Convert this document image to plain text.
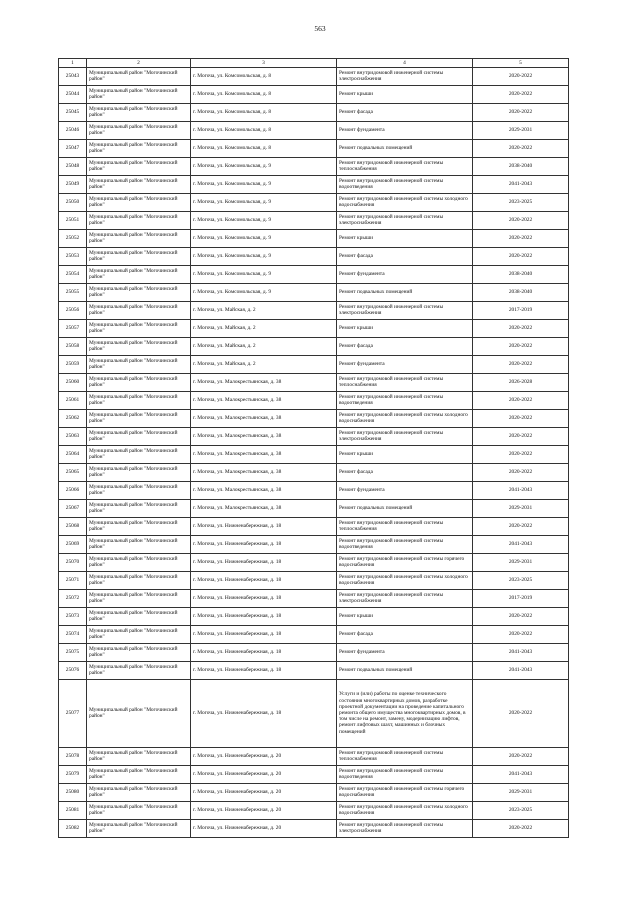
563
1	2	3	4	5
25043	Муниципальный район "Могочинский район"	г. Могоча, ул. Комсомольская, д. 8	Ремонт внутридомовой инженерной системы электроснабжения	2020-2022
25044	Муниципальный район "Могочинский район"	г. Могоча, ул. Комсомольская, д. 8	Ремонт крыши	2020-2022
25045	Муниципальный район "Могочинский район"	г. Могоча, ул. Комсомольская, д. 8	Ремонт фасада	2020-2022
25046	Муниципальный район "Могочинский район"	г. Могоча, ул. Комсомольская, д. 8	Ремонт фундамента	2029-2031
25047	Муниципальный район "Могочинский район"	г. Могоча, ул. Комсомольская, д. 8	Ремонт подвальных помещений	2020-2022
25048	Муниципальный район "Могочинский район"	г. Могоча, ул. Комсомольская, д. 9	Ремонт внутридомовой инженерной системы теплоснабжения	2038-2040
25049	Муниципальный район "Могочинский район"	г. Могоча, ул. Комсомольская, д. 9	Ремонт внутридомовой инженерной системы водоотведения	2041-2043
25050	Муниципальный район "Могочинский район"	г. Могоча, ул. Комсомольская, д. 9	Ремонт внутридомовой инженерной системы холодного водоснабжения	2023-2025
25051	Муниципальный район "Могочинский район"	г. Могоча, ул. Комсомольская, д. 9	Ремонт внутридомовой инженерной системы электроснабжения	2020-2022
25052	Муниципальный район "Могочинский район"	г. Могоча, ул. Комсомольская, д. 9	Ремонт крыши	2020-2022
25053	Муниципальный район "Могочинский район"	г. Могоча, ул. Комсомольская, д. 9	Ремонт фасада	2020-2022
25054	Муниципальный район "Могочинский район"	г. Могоча, ул. Комсомольская, д. 9	Ремонт фундамента	2038-2040
25055	Муниципальный район "Могочинский район"	г. Могоча, ул. Комсомольская, д. 9	Ремонт подвальных помещений	2038-2040
25056	Муниципальный район "Могочинский район"	г. Могоча, ул. Майская, д. 2	Ремонт внутридомовой инженерной системы электроснабжения	2017-2019
25057	Муниципальный район "Могочинский район"	г. Могоча, ул. Майская, д. 2	Ремонт крыши	2020-2022
25058	Муниципальный район "Могочинский район"	г. Могоча, ул. Майская, д. 2	Ремонт фасада	2020-2022
25059	Муниципальный район "Могочинский район"	г. Могоча, ул. Майская, д. 2	Ремонт фундамента	2020-2022
25060	Муниципальный район "Могочинский район"	г. Могоча, ул. Малокрестьянская, д. 38	Ремонт внутридомовой инженерной системы теплоснабжения	2026-2028
25061	Муниципальный район "Могочинский район"	г. Могоча, ул. Малокрестьянская, д. 38	Ремонт внутридомовой инженерной системы водоотведения	2020-2022
25062	Муниципальный район "Могочинский район"	г. Могоча, ул. Малокрестьянская, д. 38	Ремонт внутридомовой инженерной системы холодного водоснабжения	2020-2022
25063	Муниципальный район "Могочинский район"	г. Могоча, ул. Малокрестьянская, д. 38	Ремонт внутридомовой инженерной системы электроснабжения	2020-2022
25064	Муниципальный район "Могочинский район"	г. Могоча, ул. Малокрестьянская, д. 38	Ремонт крыши	2020-2022
25065	Муниципальный район "Могочинский район"	г. Могоча, ул. Малокрестьянская, д. 38	Ремонт фасада	2020-2022
25066	Муниципальный район "Могочинский район"	г. Могоча, ул. Малокрестьянская, д. 38	Ремонт фундамента	2041-2043
25067	Муниципальный район "Могочинский район"	г. Могоча, ул. Малокрестьянская, д. 38	Ремонт подвальных помещений	2029-2031
25068	Муниципальный район "Могочинский район"	г. Могоча, ул. Нижненабережная, д. 18	Ремонт внутридомовой инженерной системы теплоснабжения	2020-2022
25069	Муниципальный район "Могочинский район"	г. Могоча, ул. Нижненабережная, д. 18	Ремонт внутридомовой инженерной системы водоотведения	2041-2043
25070	Муниципальный район "Могочинский район"	г. Могоча, ул. Нижненабережная, д. 18	Ремонт внутридомовой инженерной системы горячего водоснабжения	2029-2031
25071	Муниципальный район "Могочинский район"	г. Могоча, ул. Нижненабережная, д. 18	Ремонт внутридомовой инженерной системы холодного водоснабжения	2023-2025
25072	Муниципальный район "Могочинский район"	г. Могоча, ул. Нижненабережная, д. 18	Ремонт внутридомовой инженерной системы электроснабжения	2017-2019
25073	Муниципальный район "Могочинский район"	г. Могоча, ул. Нижненабережная, д. 18	Ремонт крыши	2020-2022
25074	Муниципальный район "Могочинский район"	г. Могоча, ул. Нижненабережная, д. 18	Ремонт фасада	2020-2022
25075	Муниципальный район "Могочинский район"	г. Могоча, ул. Нижненабережная, д. 18	Ремонт фундамента	2041-2043
25076	Муниципальный район "Могочинский район"	г. Могоча, ул. Нижненабережная, д. 18	Ремонт подвальных помещений	2041-2043
25077	Муниципальный район "Могочинский район"	г. Могоча, ул. Нижненабережная, д. 18	Услуги и (или) работы по оценке технического состояния многоквартирных домов, разработке проектной документации на проведение капитального ремонта общего имущества многоквартирных домов, в том числе на ремонт, замену, модернизацию лифтов, ремонт лифтовых шахт, машинных и блочных помещений	2020-2022
25078	Муниципальный район "Могочинский район"	г. Могоча, ул. Нижненабережная, д. 20	Ремонт внутридомовой инженерной системы теплоснабжения	2020-2022
25079	Муниципальный район "Могочинский район"	г. Могоча, ул. Нижненабережная, д. 20	Ремонт внутридомовой инженерной системы водоотведения	2041-2043
25080	Муниципальный район "Могочинский район"	г. Могоча, ул. Нижненабережная, д. 20	Ремонт внутридомовой инженерной системы горячего водоснабжения	2029-2031
25081	Муниципальный район "Могочинский район"	г. Могоча, ул. Нижненабережная, д. 20	Ремонт внутридомовой инженерной системы холодного водоснабжения	2023-2025
25082	Муниципальный район "Могочинский район"	г. Могоча, ул. Нижненабережная, д. 20	Ремонт внутридомовой инженерной системы электроснабжения	2020-2022
